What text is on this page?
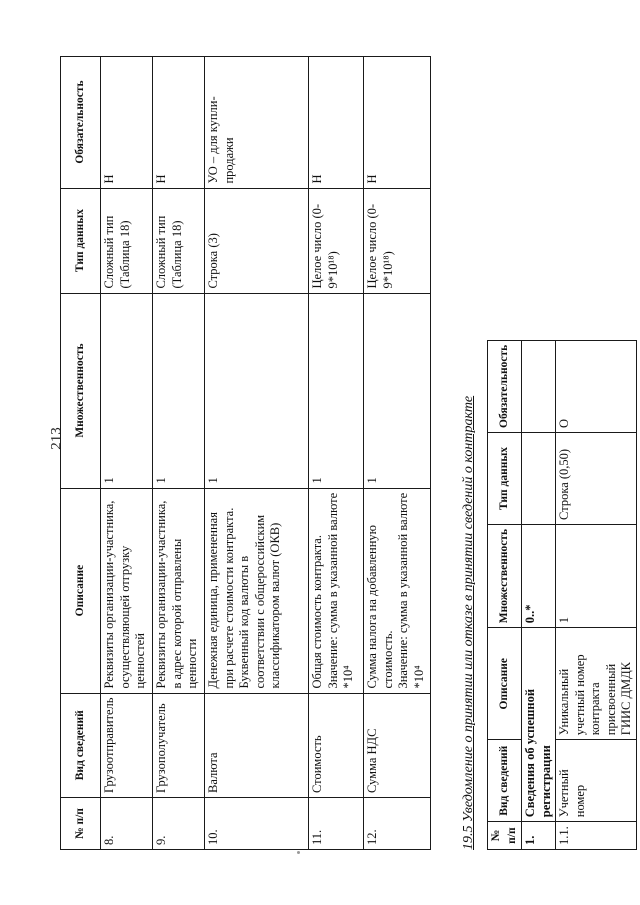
213
№ п/п	Вид сведений	Описание	Множественность	Тип данных	Обязательность
8.	Грузоотправитель	Реквизиты организации-участника, осуществляющей отгрузку ценностей	1	Сложный тип (Таблица 18)	Н
9.	Грузополучатель	Реквизиты организации-участника, в адрес которой отправлены ценности	1	Сложный тип (Таблица 18)	Н
10.	Валюта	Денежная единица, примененная при расчете стоимости контракта. Буквенный код валюты в соответствии с общероссийским классификатором валют (ОКВ)	1	Строка (3)	УО – для купли-продажи
11.	Стоимость	Общая стоимость контракта.
Значение: сумма в указанной валюте *10⁴	1	Целое число (0-9*10¹⁸)	Н
12.	Сумма НДС	Сумма налога на добавленную стоимость.
Значение: сумма в указанной валюте *10⁴	1	Целое число (0-9*10¹⁸)	Н
19.5 Уведомление о принятии или отказе в принятии сведений о контракте № п/п	Вид сведений	Описание	Множественность	Тип данных	Обязательность
1.	Сведения об успешной регистрации		0..*		
1.1.	Учетный номер	Уникальный учетный номер контракта присвоенный ГИИС ДМДК	1	Строка (0,50)	О
